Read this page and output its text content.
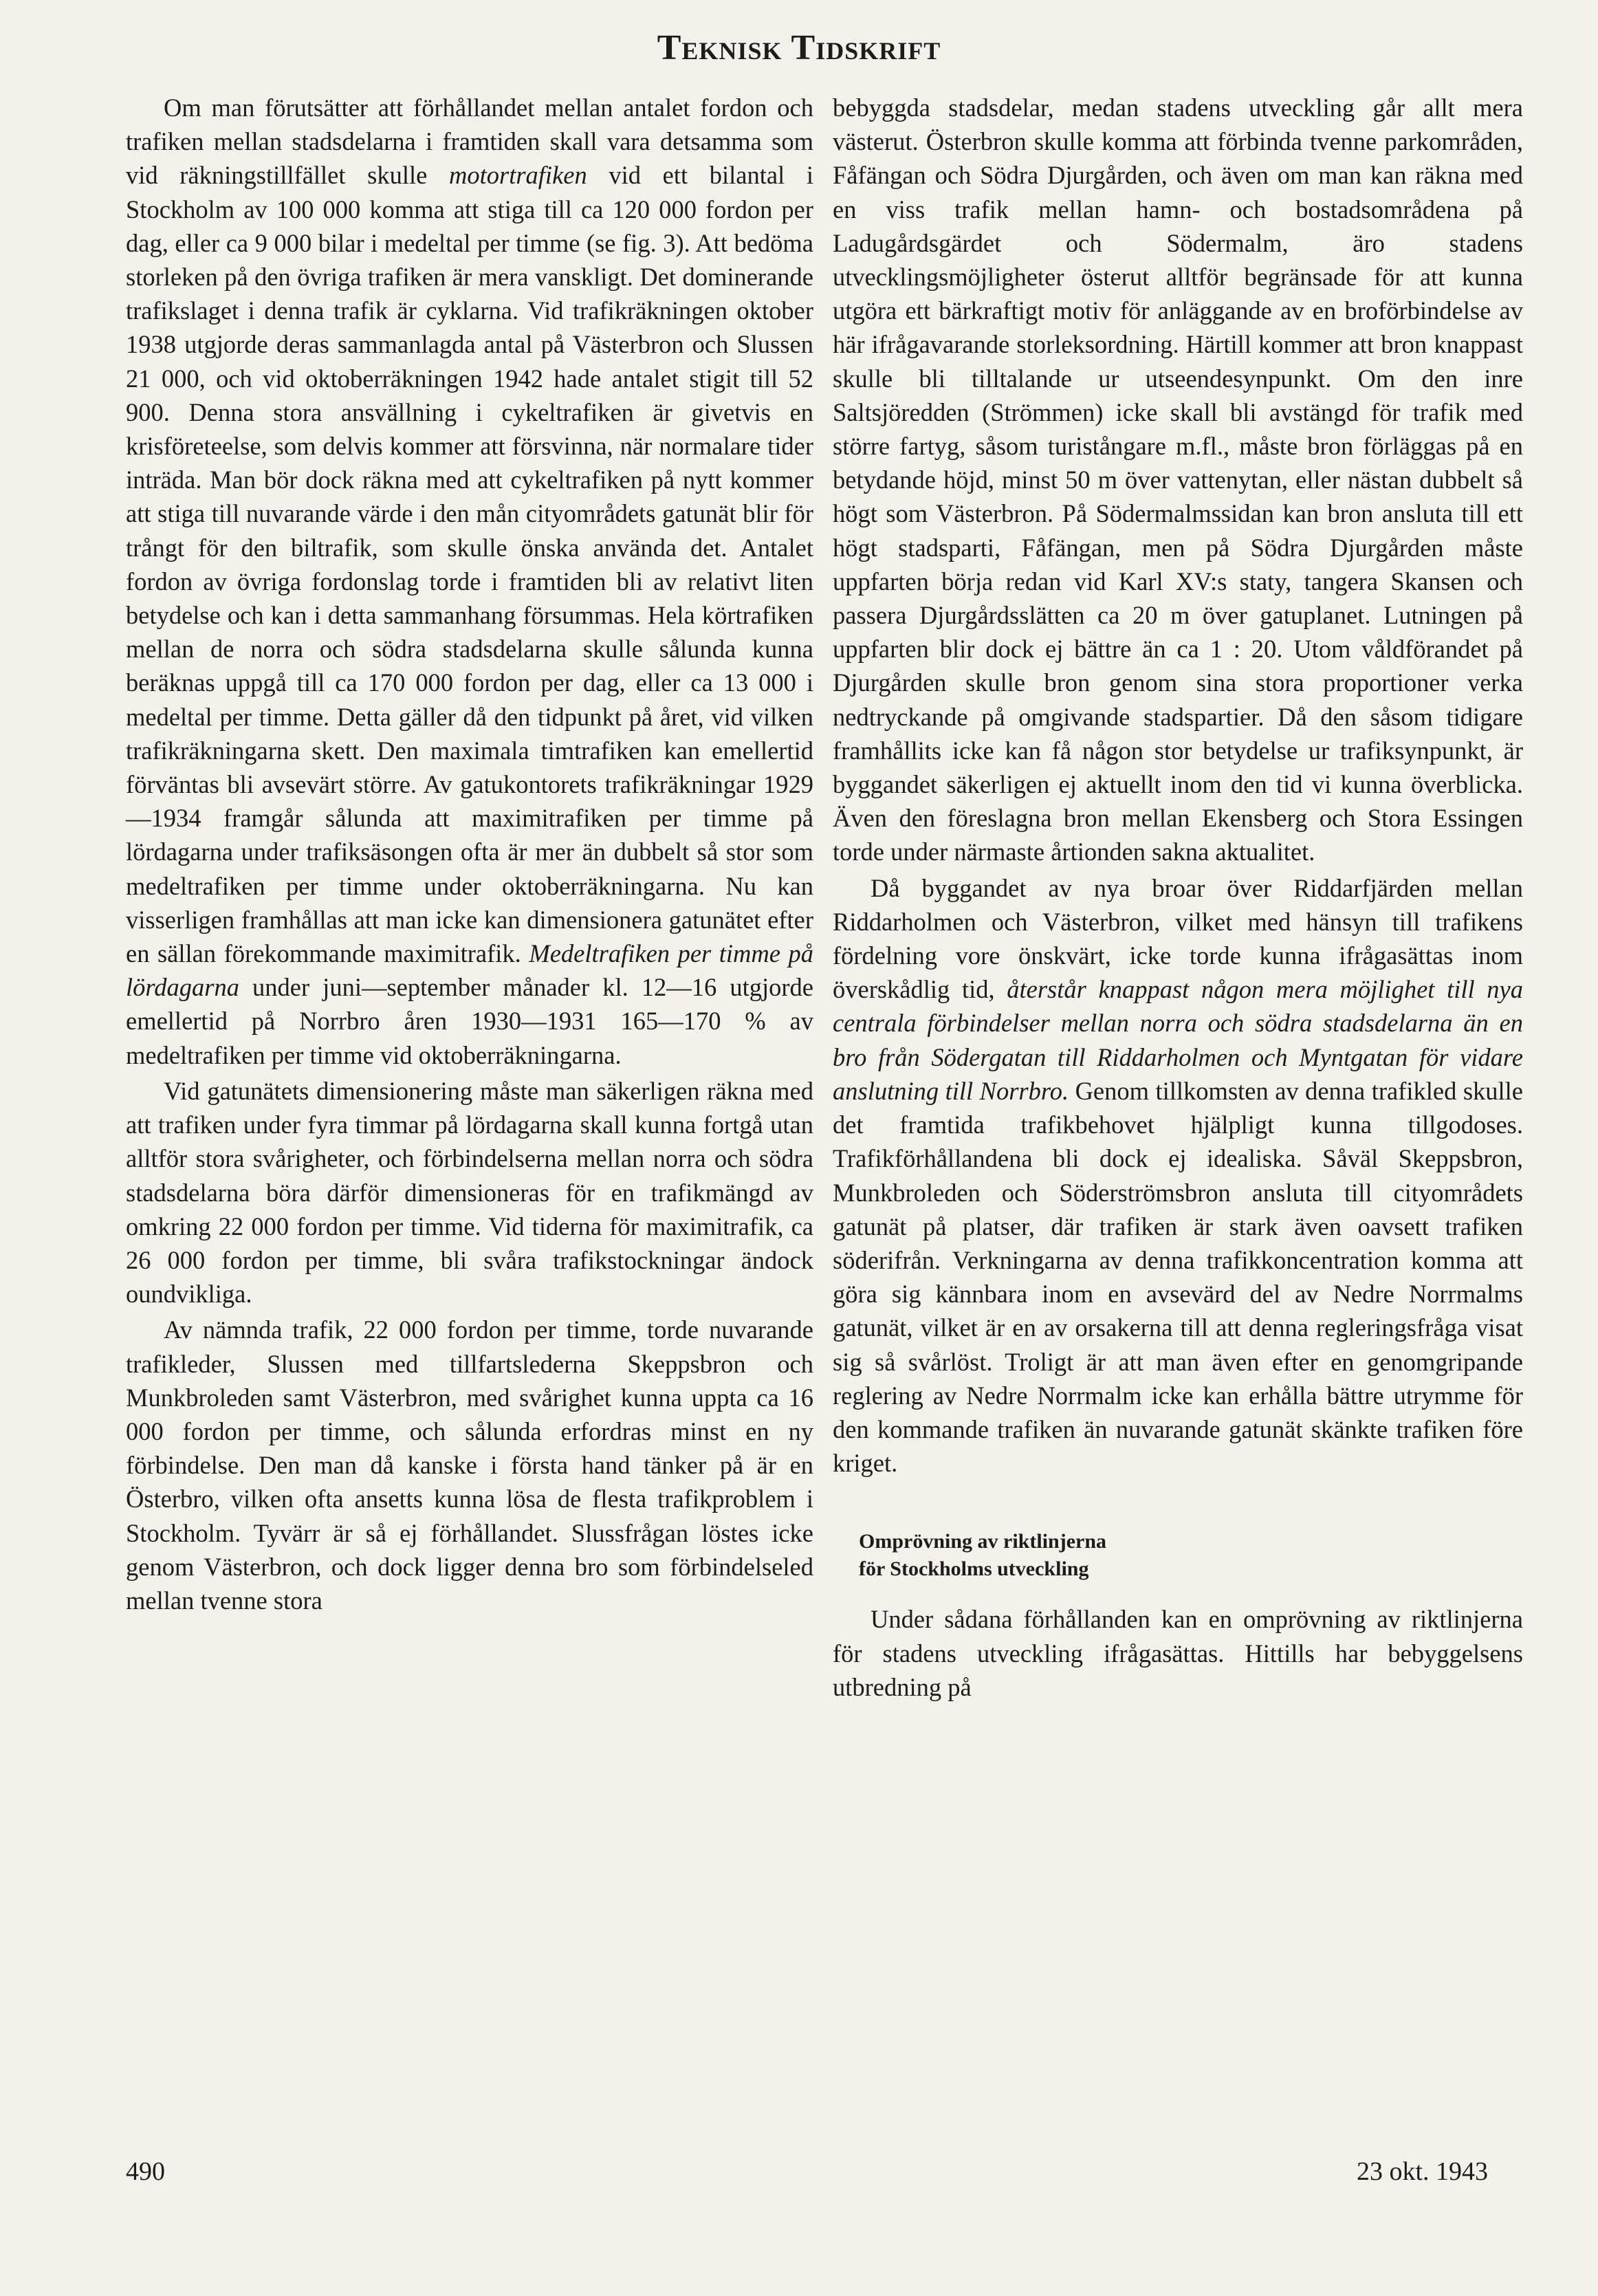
Teknisk Tidskrift

Om man förutsätter att förhållandet mellan antalet fordon och trafiken mellan stadsdelarna i framtiden skall vara detsamma som vid räkningstillfället skulle motortrafiken vid ett bilantal i Stockholm av 100 000 komma att stiga till ca 120 000 fordon per dag, eller ca 9 000 bilar i medeltal per timme (se fig. 3). Att bedöma storleken på den övriga trafiken är mera vanskligt. Det dominerande trafikslaget i denna trafik är cyklarna. Vid trafikräkningen oktober 1938 utgjorde deras sammanlagda antal på Västerbron och Slussen 21 000, och vid oktoberräkningen 1942 hade antalet stigit till 52 900. Denna stora ansvällning i cykeltrafiken är givetvis en krisföreteelse, som delvis kommer att försvinna, när normalare tider inträda. Man bör dock räkna med att cykeltrafiken på nytt kommer att stiga till nuvarande värde i den mån cityområdets gatunät blir för trångt för den biltrafik, som skulle önska använda det. Antalet fordon av övriga fordonslag torde i framtiden bli av relativt liten betydelse och kan i detta sammanhang försummas. Hela körtrafiken mellan de norra och södra stadsdelarna skulle sålunda kunna beräknas uppgå till ca 170 000 fordon per dag, eller ca 13 000 i medeltal per timme. Detta gäller då den tidpunkt på året, vid vilken trafikräkningarna skett. Den maximala timtrafiken kan emellertid förväntas bli avsevärt större. Av gatukontorets trafikräkningar 1929—1934 framgår sålunda att maximitrafiken per timme på lördagarna under trafiksäsongen ofta är mer än dubbelt så stor som medeltrafiken per timme under oktoberräkningarna. Nu kan visserligen framhållas att man icke kan dimensionera gatunätet efter en sällan förekommande maximitrafik. Medeltrafiken per timme på lördagarna under juni—september månader kl. 12—16 utgjorde emellertid på Norrbro åren 1930—1931 165—170 % av medeltrafiken per timme vid oktoberräkningarna.

Vid gatunätets dimensionering måste man säkerligen räkna med att trafiken under fyra timmar på lördagarna skall kunna fortgå utan alltför stora svårigheter, och förbindelserna mellan norra och södra stadsdelarna böra därför dimensioneras för en trafikmängd av omkring 22 000 fordon per timme. Vid tiderna för maximitrafik, ca 26 000 fordon per timme, bli svåra trafikstockningar ändock oundvikliga.

Av nämnda trafik, 22 000 fordon per timme, torde nuvarande trafikleder, Slussen med tillfartslederna Skeppsbron och Munkbroleden samt Västerbron, med svårighet kunna uppta ca 16 000 fordon per timme, och sålunda erfordras minst en ny förbindelse. Den man då kanske i första hand tänker på är en Österbro, vilken ofta ansetts kunna lösa de flesta trafikproblem i Stockholm. Tyvärr är så ej förhållandet. Slussfrågan löstes icke genom Västerbron, och dock ligger denna bro som förbindelseled mellan tvenne stora

bebyggda stadsdelar, medan stadens utveckling går allt mera västerut. Österbron skulle komma att förbinda tvenne parkområden, Fåfängan och Södra Djurgården, och även om man kan räkna med en viss trafik mellan hamn- och bostadsområdena på Ladugårdsgärdet och Södermalm, äro stadens utvecklingsmöjligheter österut alltför begränsade för att kunna utgöra ett bärkraftigt motiv för anläggande av en broförbindelse av här ifrågavarande storleksordning. Härtill kommer att bron knappast skulle bli tilltalande ur utseendesynpunkt. Om den inre Saltsjöredden (Strömmen) icke skall bli avstängd för trafik med större fartyg, såsom turistångare m.fl., måste bron förläggas på en betydande höjd, minst 50 m över vattenytan, eller nästan dubbelt så högt som Västerbron. På Södermalmssidan kan bron ansluta till ett högt stadsparti, Fåfängan, men på Södra Djurgården måste uppfarten börja redan vid Karl XV:s staty, tangera Skansen och passera Djurgårdsslätten ca 20 m över gatuplanet. Lutningen på uppfarten blir dock ej bättre än ca 1 : 20. Utom våldförandet på Djurgården skulle bron genom sina stora proportioner verka nedtryckande på omgivande stadspartier. Då den såsom tidigare framhållits icke kan få någon stor betydelse ur trafiksynpunkt, är byggandet säkerligen ej aktuellt inom den tid vi kunna överblicka. Även den föreslagna bron mellan Ekensberg och Stora Essingen torde under närmaste årtionden sakna aktualitet.

Då byggandet av nya broar över Riddarfjärden mellan Riddarholmen och Västerbron, vilket med hänsyn till trafikens fördelning vore önskvärt, icke torde kunna ifrågasättas inom överskådlig tid, återstår knappast någon mera möjlighet till nya centrala förbindelser mellan norra och södra stadsdelarna än en bro från Södergatan till Riddarholmen och Myntgatan för vidare anslutning till Norrbro. Genom tillkomsten av denna trafikled skulle det framtida trafikbehovet hjälpligt kunna tillgodoses. Trafikförhållandena bli dock ej idealiska. Såväl Skeppsbron, Munkbroleden och Söderströmsbron ansluta till cityområdets gatunät på platser, där trafiken är stark även oavsett trafiken söderifrån. Verkningarna av denna trafikkoncentration komma att göra sig kännbara inom en avsevärd del av Nedre Norrmalms gatunät, vilket är en av orsakerna till att denna regleringsfråga visat sig så svårlöst. Troligt är att man även efter en genomgripande reglering av Nedre Norrmalm icke kan erhålla bättre utrymme för den kommande trafiken än nuvarande gatunät skänkte trafiken före kriget.

Omprövning av riktlinjerna
för Stockholms utveckling

Under sådana förhållanden kan en omprövning av riktlinjerna för stadens utveckling ifrågasättas. Hittills har bebyggelsens utbredning på

490	23 okt. 1943
